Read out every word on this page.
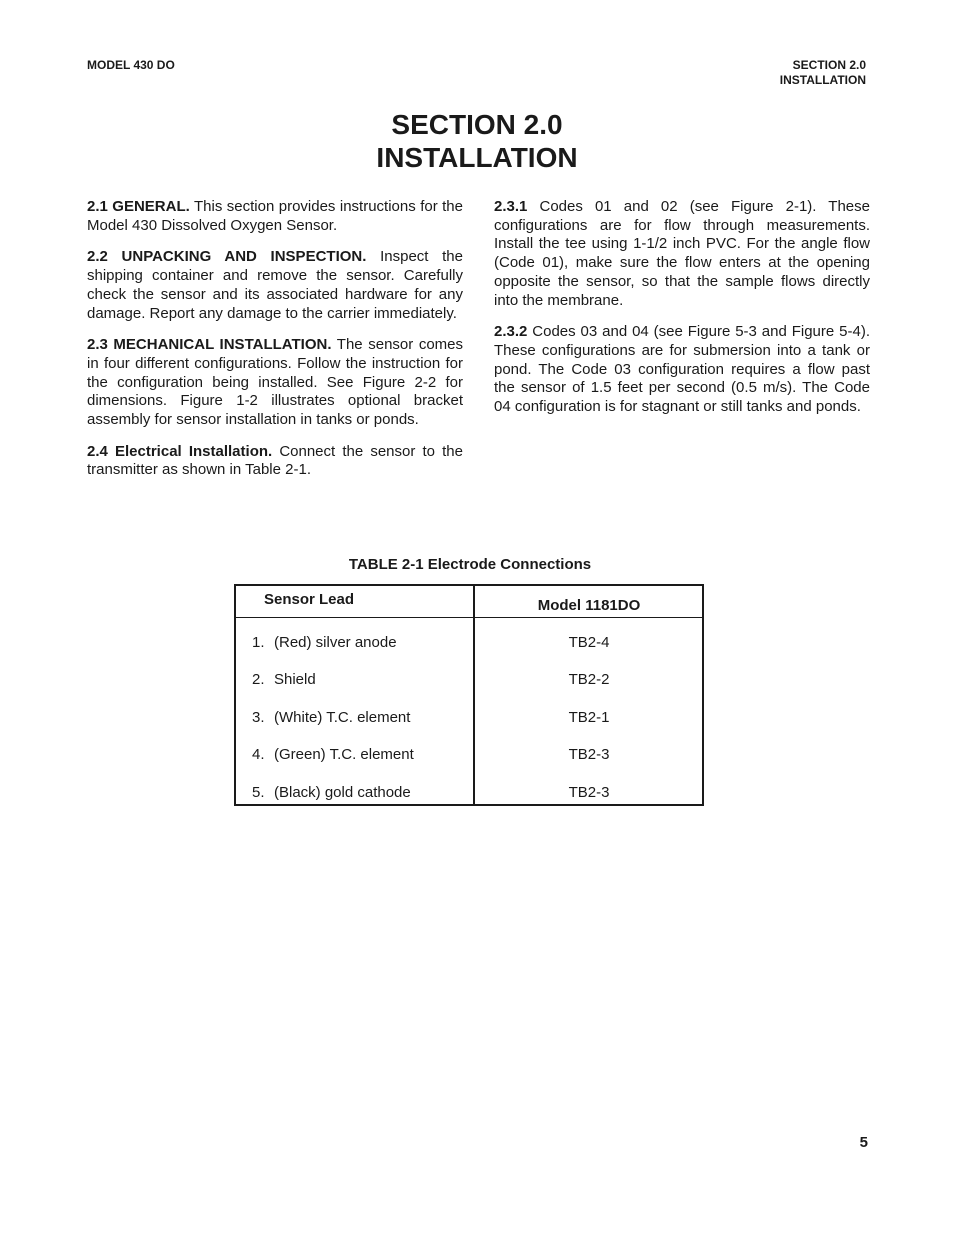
MODEL 430 DO	SECTION 2.0
INSTALLATION
SECTION 2.0
INSTALLATION

2.1 GENERAL. This section provides instructions for the Model 430 Dissolved Oxygen Sensor.

2.2 UNPACKING AND INSPECTION. Inspect the shipping container and remove the sensor. Carefully check the sensor and its associated hardware for any damage. Report any damage to the carrier immediately.

2.3 MECHANICAL INSTALLATION. The sensor comes in four different configurations. Follow the instruction for the configuration being installed. See Figure 2-2 for dimensions. Figure 1-2 illustrates optional bracket assembly for sensor installation in tanks or ponds.

2.4 Electrical Installation. Connect the sensor to the transmitter as shown in Table 2-1.

2.3.1 Codes 01 and 02 (see Figure 2-1). These configurations are for flow through measurements. Install the tee using 1-1/2 inch PVC. For the angle flow (Code 01), make sure the flow enters at the opening opposite the sensor, so that the sample flows directly into the membrane.

2.3.2 Codes 03 and 04 (see Figure 5-3 and Figure 5-4). These configurations are for submersion into a tank or pond. The Code 03 configuration requires a flow past the sensor of 1.5 feet per second (0.5 m/s). The Code 04 configuration is for stagnant or still tanks and ponds.

TABLE 2-1 Electrode Connections
Sensor Lead	Model 1181DO
1. (Red) silver anode	TB2-4
2. Shield	TB2-2
3. (White) T.C. element	TB2-1
4. (Green) T.C. element	TB2-3
5. (Black) gold cathode	TB2-3
5
